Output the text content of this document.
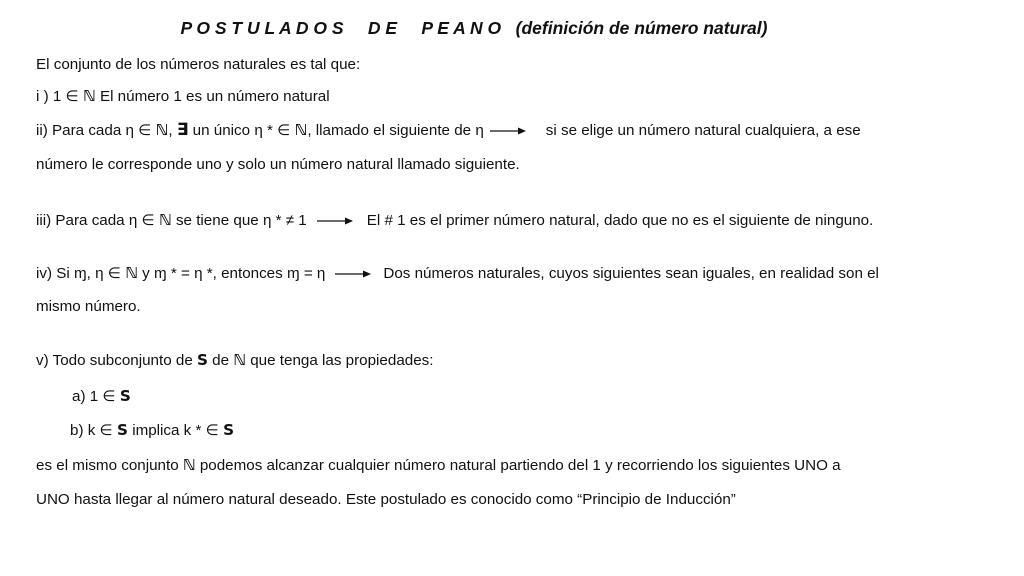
P O S T U L A D O S     D E     P E A N O   (definición de número natural)
El conjunto de los números naturales es tal que:
i ) 1 ∈ ℕ El número 1 es un número natural
ii) Para cada η ∈ ℕ, ∃ un único η * ∈ ℕ, llamado el siguiente de η	si se elige un número natural cualquiera, a ese
número le corresponde uno y solo un número natural llamado siguiente.
iii) Para cada η ∈ ℕ se tiene que η * ≠ 1	El # 1 es el primer número natural, dado que no es el siguiente de ninguno.
iv) Si ɱ, η ∈ ℕ y ɱ * = η *, entonces ɱ = η	Dos números naturales, cuyos siguientes sean iguales, en realidad son el
mismo número.
v) Todo subconjunto de S de ℕ que tenga las propiedades:
a) 1 ∈ S
b) k ∈ S implica k * ∈ S
es el mismo conjunto ℕ podemos alcanzar cualquier número natural partiendo del 1 y recorriendo los siguientes UNO a
UNO hasta llegar al número natural deseado. Este postulado es conocido como “Principio de Inducción”
